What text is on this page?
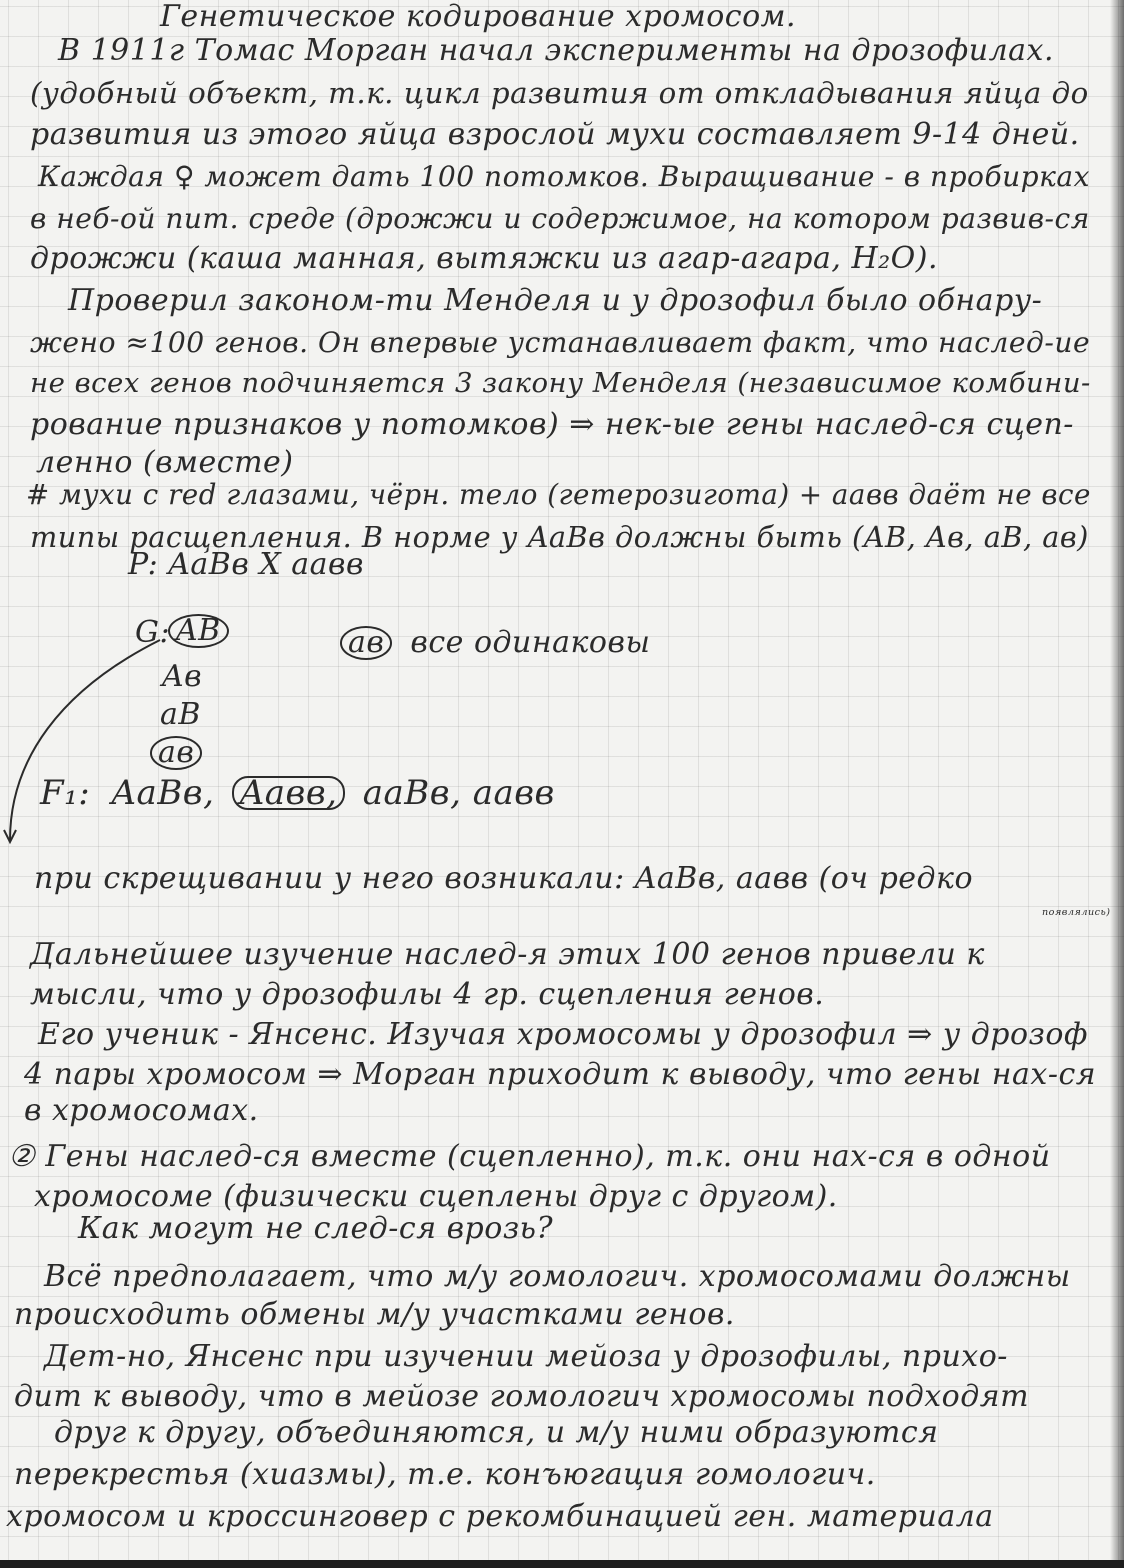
Генетическое кодирование хромосом.
В 1911г Томас Морган начал эксперименты на дрозофилах.
(удобный объект, т.к. цикл развития от откладывания яйца до
развития из этого яйца взрослой мухи составляет 9-14 дней.
Каждая ♀ может дать 100 потомков. Выращивание - в пробирках
в неб-ой пит. среде (дрожжи и содержимое, на котором развив-ся
дрожжи (каша манная, вытяжки из агар-агара, H₂O).
Проверил законом-ти Менделя и у дрозофил было обнару-
жено ≈100 генов. Он впервые устанавливает факт, что наслед-ие
не всех генов подчиняется 3 закону Менделя (независимое комбини-
рование признаков у потомков) ⇒ нек-ые гены наслед-ся сцеп-
ленно (вместе)
# мухи с red глазами, чёрн. тело (гетерозигота) + aaвв даёт не все
типы расщепления. В норме у AaBв должны быть (AB, Aв, aB, aв)
P: AaBв X aaвв
G: AB
Aв
aB
aв
aв все одинаковы
F₁: AaBв, Aaвв, aaBв, aaвв
при скрещивании у него возникали: AaBв, aaвв (оч редко
появлялись)
Дальнейшее изучение наслед-я этих 100 генов привели к
мысли, что у дрозофилы 4 гр. сцепления генов.
Его ученик - Янсенс. Изучая хромосомы у дрозофил ⇒ у дрозоф
4 пары хромосом ⇒ Морган приходит к выводу, что гены нах-ся
в хромосомах.
② Гены наслед-ся вместе (сцепленно), т.к. они нах-ся в одной
хромосоме (физически сцеплены друг с другом).
Как могут не след-ся врозь?
Всё предполагает, что м/у гомологич. хромосомами должны
происходить обмены м/у участками генов.
Дет-но, Янсенс при изучении мейоза у дрозофилы, прихо-
дит к выводу, что в мейозе гомологич хромосомы подходят
друг к другу, объединяются, и м/у ними образуются
перекрестья (хиазмы), т.е. конъюгация гомологич.
хромосом и кроссинговер с рекомбинацией ген. материала
